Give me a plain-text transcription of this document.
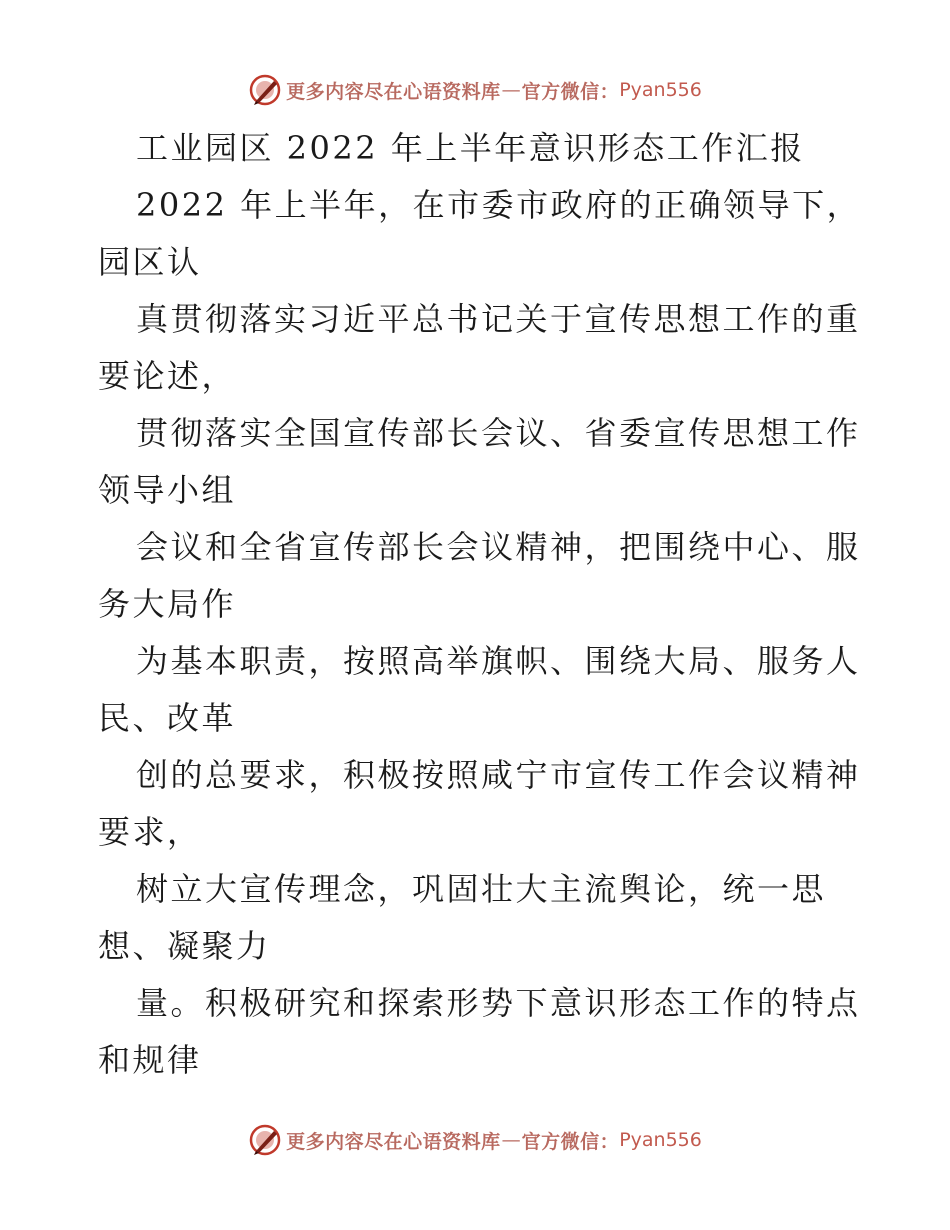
更多内容尽在心语资料库 — 官方微信： Pyan556
工业园区 2022 年上半年意识形态工作汇报
2022 年上半年，在市委市政府的正确领导下，
园区认
真贯彻落实习近平总书记关于宣传思想工作的重
要论述，
贯彻落实全国宣传部长会议、省委宣传思想工作
领导小组
会议和全省宣传部长会议精神，把围绕中心、服
务大局作
为基本职责，按照高举旗帜、围绕大局、服务人
民、改革
创的总要求，积极按照咸宁市宣传工作会议精神
要求，
树立大宣传理念，巩固壮大主流舆论，统一思
想、凝聚力
量。积极研究和探索形势下意识形态工作的特点
和规律
更多内容尽在心语资料库 — 官方微信： Pyan556
